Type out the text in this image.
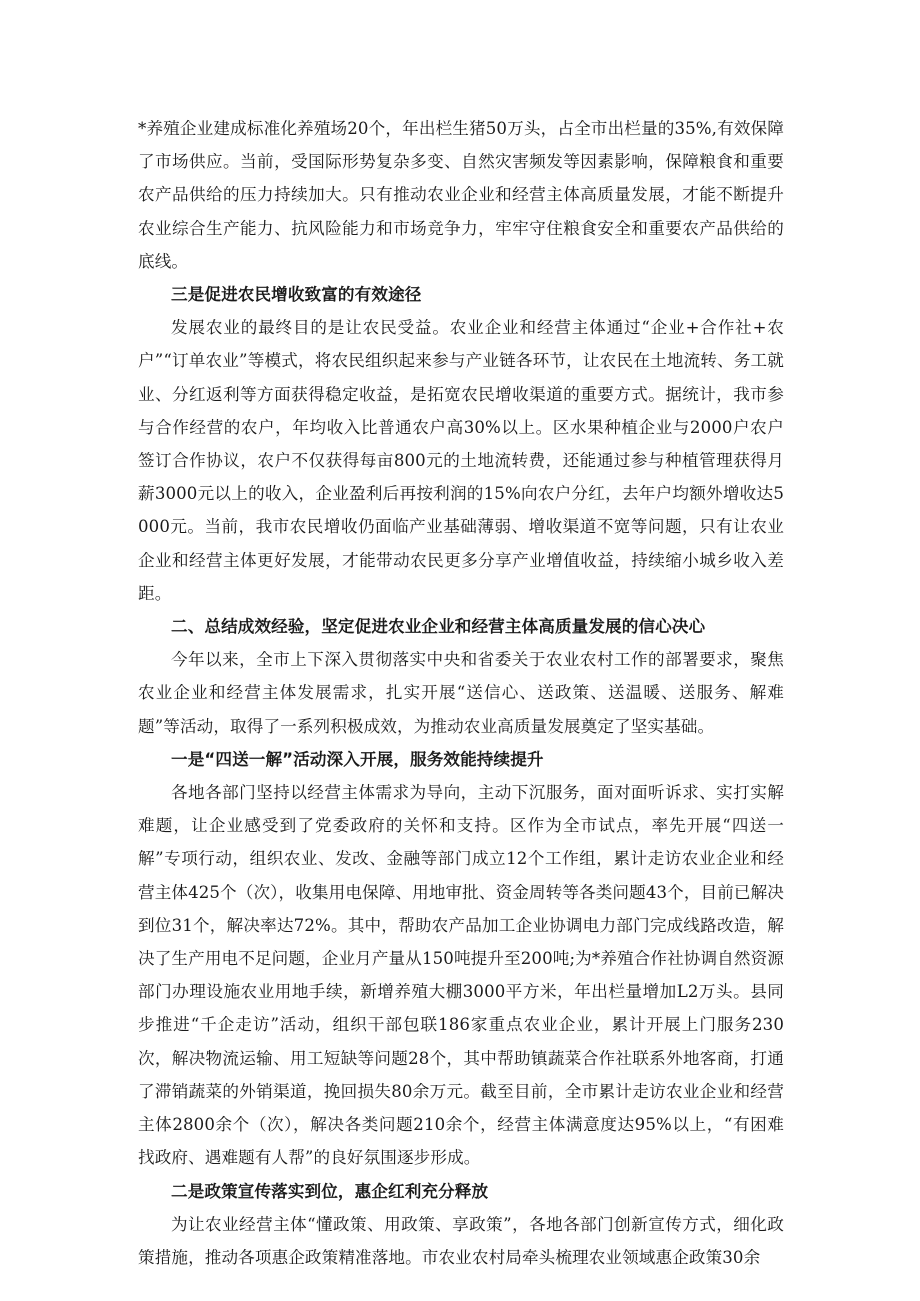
*养殖企业建成标准化养殖场20个，年出栏生猪50万头，占全市出栏量的35%,有效保障了市场供应。当前，受国际形势复杂多变、自然灾害频发等因素影响，保障粮食和重要农产品供给的压力持续加大。只有推动农业企业和经营主体高质量发展，才能不断提升农业综合生产能力、抗风险能力和市场竞争力，牢牢守住粮食安全和重要农产品供给的底线。

三是促进农民增收致富的有效途径

发展农业的最终目的是让农民受益。农业企业和经营主体通过“企业+合作社+农户”“订单农业”等模式，将农民组织起来参与产业链各环节，让农民在土地流转、务工就业、分红返利等方面获得稳定收益，是拓宽农民增收渠道的重要方式。据统计，我市参与合作经营的农户，年均收入比普通农户高30%以上。区水果种植企业与2000户农户签订合作协议，农户不仅获得每亩800元的土地流转费，还能通过参与种植管理获得月薪3000元以上的收入，企业盈利后再按利润的15%向农户分红，去年户均额外增收达5000元。当前，我市农民增收仍面临产业基础薄弱、增收渠道不宽等问题，只有让农业企业和经营主体更好发展，才能带动农民更多分享产业增值收益，持续缩小城乡收入差距。

二、总结成效经验，坚定促进农业企业和经营主体高质量发展的信心决心

今年以来，全市上下深入贯彻落实中央和省委关于农业农村工作的部署要求，聚焦农业企业和经营主体发展需求，扎实开展“送信心、送政策、送温暖、送服务、解难题”等活动，取得了一系列积极成效，为推动农业高质量发展奠定了坚实基础。

一是“四送一解”活动深入开展，服务效能持续提升

各地各部门坚持以经营主体需求为导向，主动下沉服务，面对面听诉求、实打实解难题，让企业感受到了党委政府的关怀和支持。区作为全市试点，率先开展“四送一解”专项行动，组织农业、发改、金融等部门成立12个工作组，累计走访农业企业和经营主体425个（次），收集用电保障、用地审批、资金周转等各类问题43个，目前已解决到位31个，解决率达72%。其中，帮助农产品加工企业协调电力部门完成线路改造，解决了生产用电不足问题，企业月产量从150吨提升至200吨;为*养殖合作社协调自然资源部门办理设施农业用地手续，新增养殖大棚3000平方米，年出栏量增加L2万头。县同步推进“千企走访”活动，组织干部包联186家重点农业企业，累计开展上门服务230次，解决物流运输、用工短缺等问题28个，其中帮助镇蔬菜合作社联系外地客商，打通了滞销蔬菜的外销渠道，挽回损失80余万元。截至目前，全市累计走访农业企业和经营主体2800余个（次），解决各类问题210余个，经营主体满意度达95%以上，“有困难找政府、遇难题有人帮”的良好氛围逐步形成。

二是政策宣传落实到位，惠企红利充分释放

为让农业经营主体“懂政策、用政策、享政策”，各地各部门创新宣传方式，细化政策措施，推动各项惠企政策精准落地。市农业农村局牵头梳理农业领域惠企政策30余
